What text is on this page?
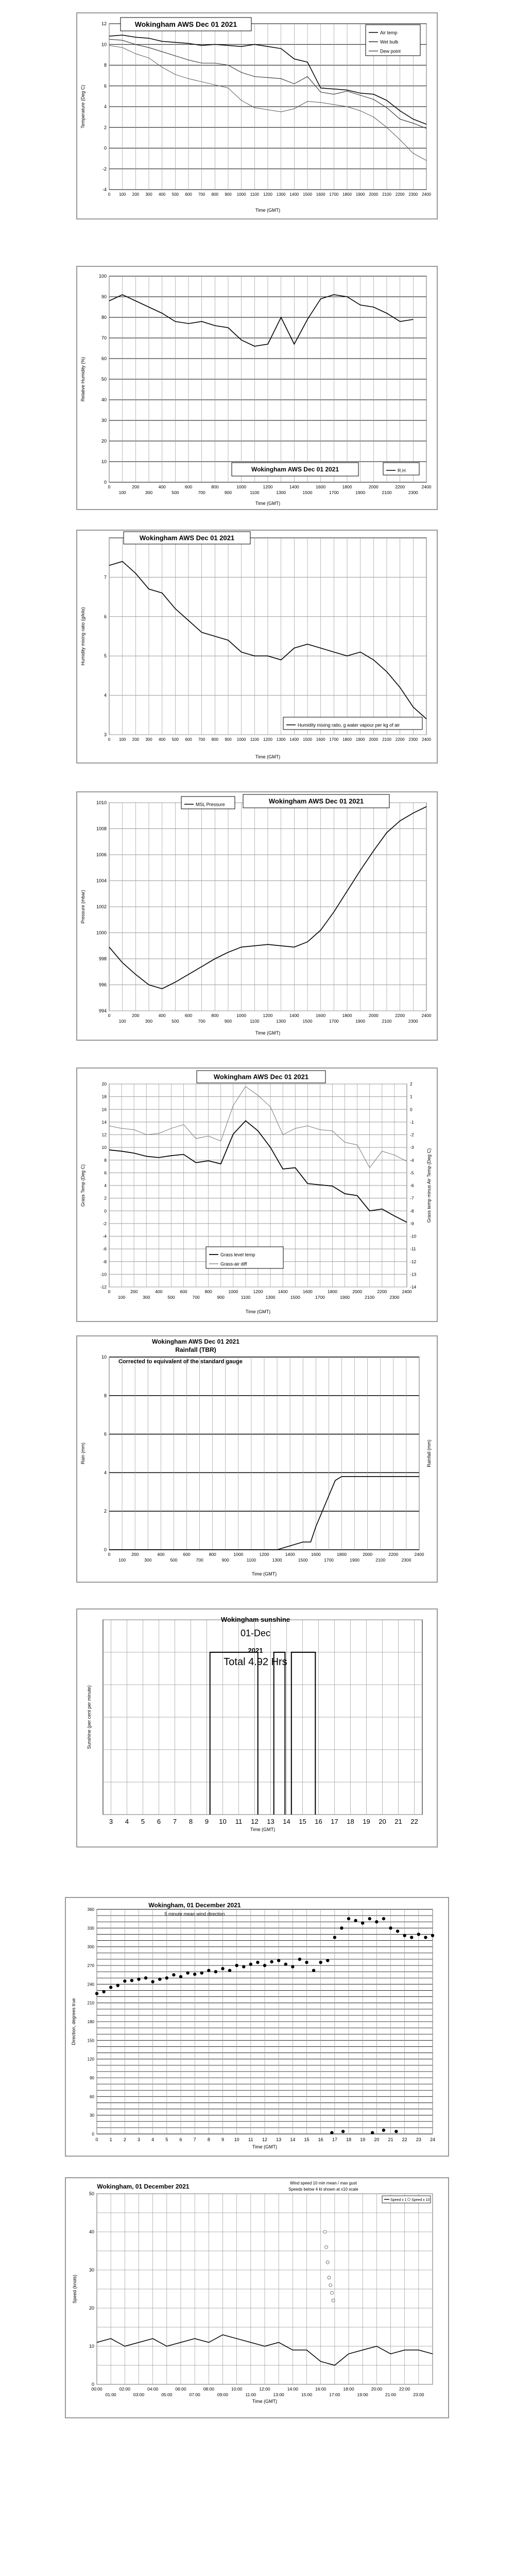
-4
-2
0
2
4
6
8
10
12
0 100 200 300 400 500 600 700 800 900 1000 1100 1200 1300 1400 1500 1600 1700 1800 1900 2000 2100 2200 2300 2400
Time (GMT)
Temperature (Deg C)
Wokingham AWS Dec 01 2021
Air temp
Wet bulb
Dew point
0
10
20
30
40
50
60
70
80
90
100
0	200	400	600	800	1000	1200	1400	1600	1800	2000	2200	2400
100	300	500	700	900	1100	1300	1500	1700	1900	2100	2300
Time (GMT)
Relative Humidity (%)
Wokingham AWS Dec 01 2021	R.H
3
4
5
6
7
0 100 200 300 400 500 600 700 800 900 1000 1100 1200 1300 1400 1500 1600 1700 1800 1900 2000 2100 2200 2300 2400
Time (GMT)
Humidity mixing ratio (g/kilo)
Wokingham AWS Dec 01 2021
Humidity mixing ratio, g water vapour per kg of air
994
996
998
1000
1002
1004
1006
1008
1010
0	200	400	600	800	1000	1200	1400	1600	1800	2000	2200	2400
100	300	500	700	900	1100	1300	1500	1700	1900	2100	2300
Time (GMT)
Pressure (mbar)
Wokingham AWS Dec 01 2021
MSL Pressure
-12
-10
-8
-6
-4
-2
0
2
4
6
8
10
12
14
16
18
20
0	200	400	600	800	1000	1200	1400	1600	1800	2000	2200	2400
100	300	500	700	900	1100	1300	1500	1700	1900	2100	2300
Time (GMT)
Grass Temp (Deg C)
-14
-13
-12
-11
-10
-9
-8
-7
-6
-5
-4
-3
-2
-1
0
1
2
Grass temp minus Air Temp (Deg C)
Wokingham AWS Dec 01 2021
Grass level temp
Grass-air diff
0
2
4
6
8
10
0	200	400	600	800	1000	1200	1400	1600	1800	2000	2200	2400
100	300	500	700	900	1100	1300	1500	1700	1900	2100	2300
Time (GMT)
Rain (mm)	Rainfall (mm)
Wokingham AWS Dec 01 2021
Rainfall (TBR)
Corrected to equivalent of the standard gauge
3 4 5 6 7 8 9 10 11 12 13 14 15 16 17 18 19 20 21 22
Time (GMT)
Sunshine (per cent per minute)
Wokingham sunshine
01-Dec
2021
Total 4.92 Hrs
0
30
60
90
120
150
180
210
240
270
300
330
360
0 1 2 3 4 5 6 7 8 9 10 11 12 13 14 15 16 17 18 19 20 21 22 23 24
Time (GMT)
Direction, degrees true
Wokingham, 01 December 2021
5 minute mean wind direction
0
10
20
30
40
50
00:00	02:00	04:00	06:00	08:00	10:00	12:00	14:00	16:00	18:00	20:00	22:00
01:00	03:00	05:00	07:00	09:00	11:00	13:00	15:00	17:00	19:00	21:00	23:00
Time (GMT)
Speed (knots)
Wokingham, 01 December 2021	Wind speed 10 min mean / max gust
Speeds below 4 kt shown at x10 scale
Speed x 1 Speed x 10
